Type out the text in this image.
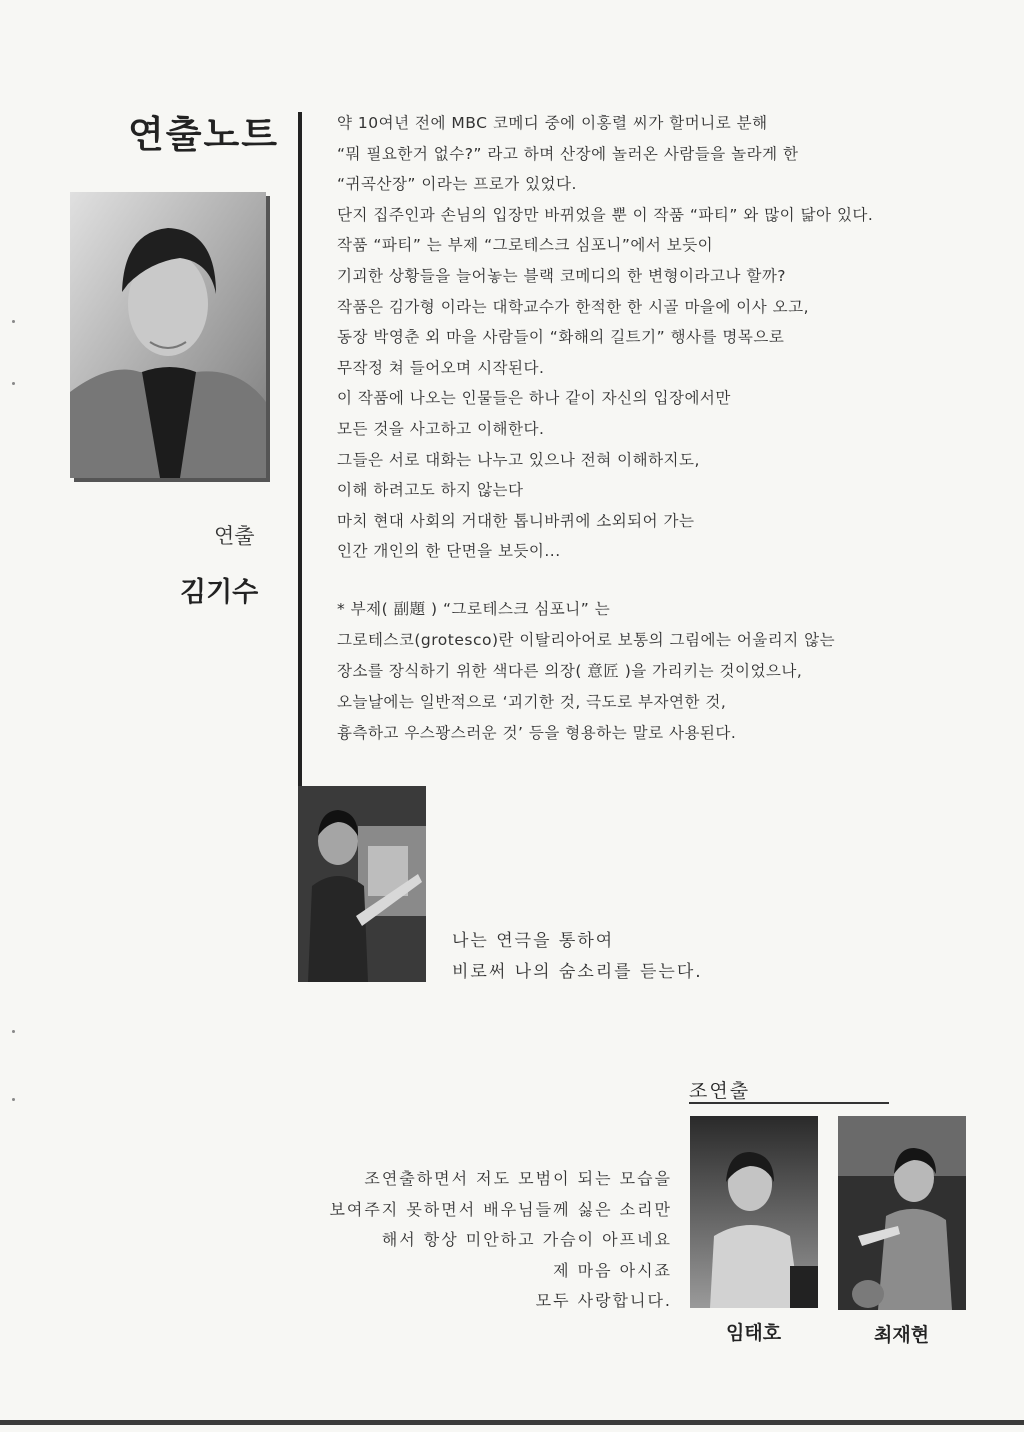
연출노트
연출
김기수
약 10여년 전에 MBC 코메디 중에 이홍렬 씨가 할머니로 분해
“뭐 필요한거 없수?” 라고 하며 산장에 놀러온 사람들을 놀라게 한
“귀곡산장” 이라는 프로가 있었다.
단지 집주인과 손님의 입장만 바뀌었을 뿐 이 작품 “파티” 와 많이 닮아 있다.
작품 “파티” 는 부제 “그로테스크 심포니”에서 보듯이
기괴한 상황들을 늘어놓는 블랙 코메디의 한 변형이라고나 할까?
작품은 김가형 이라는 대학교수가 한적한 한 시골 마을에 이사 오고,
동장 박영춘 외 마을 사람들이 “화해의 길트기” 행사를 명목으로
무작정 쳐 들어오며 시작된다.
이 작품에 나오는 인물들은 하나 같이 자신의 입장에서만
모든 것을 사고하고 이해한다.
그들은 서로 대화는 나누고 있으나 전혀 이해하지도,
이해 하려고도 하지 않는다
마치 현대 사회의 거대한 톱니바퀴에 소외되어 가는
인간 개인의 한 단면을 보듯이...
* 부제( 副題 ) “그로테스크 심포니” 는
그로테스코(grotesco)란 이탈리아어로 보통의 그림에는 어울리지 않는
장소를 장식하기 위한 색다른 의장( 意匠 )을 가리키는 것이었으나,
오늘날에는 일반적으로 ‘괴기한 것, 극도로 부자연한 것,
흉측하고 우스꽝스러운 것’ 등을 형용하는 말로 사용된다.
나는 연극을 통하여
비로써 나의 숨소리를 듣는다.
조연출
조연출하면서 저도 모범이 되는 모습을
보여주지 못하면서 배우님들께 싫은 소리만
해서 항상 미안하고 가슴이 아프네요
제 마음 아시죠
모두 사랑합니다.
임태호	최재현
